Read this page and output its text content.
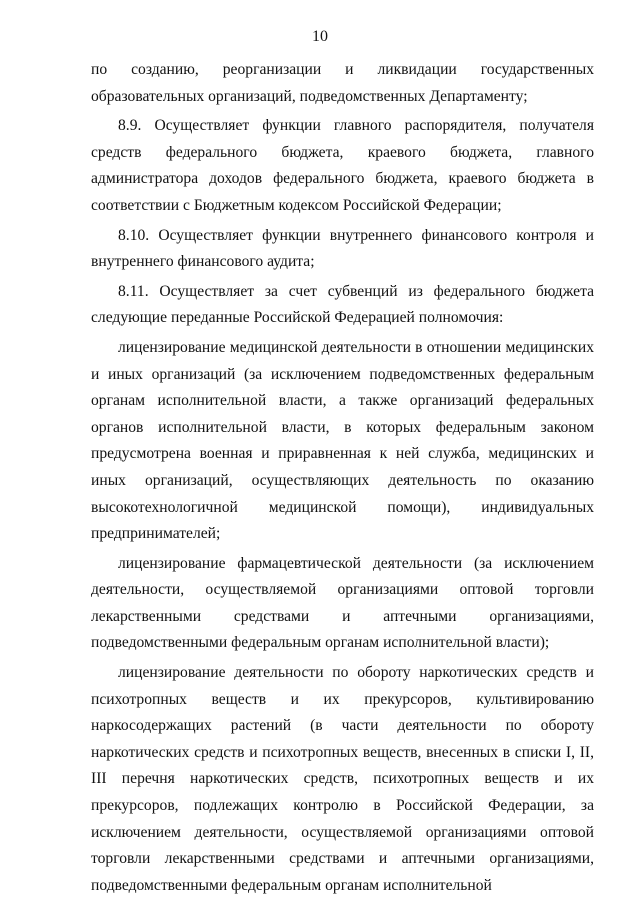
10

по созданию, реорганизации и ликвидации государственных образовательных организаций, подведомственных Департаменту;

8.9. Осуществляет функции главного распорядителя, получателя средств федерального бюджета, краевого бюджета, главного администратора доходов федерального бюджета, краевого бюджета в соответствии с Бюджетным кодексом Российской Федерации;

8.10. Осуществляет функции внутреннего финансового контроля и внутреннего финансового аудита;

8.11. Осуществляет за счет субвенций из федерального бюджета следующие переданные Российской Федерацией полномочия:

лицензирование медицинской деятельности в отношении медицинских и иных организаций (за исключением подведомственных федеральным органам исполнительной власти, а также организаций федеральных органов исполнительной власти, в которых федеральным законом предусмотрена военная и приравненная к ней служба, медицинских и иных организаций, осуществляющих деятельность по оказанию высокотехнологичной медицинской помощи), индивидуальных предпринимателей;

лицензирование фармацевтической деятельности (за исключением деятельности, осуществляемой организациями оптовой торговли лекарственными средствами и аптечными организациями, подведомственными федеральным органам исполнительной власти);

лицензирование деятельности по обороту наркотических средств и психотропных веществ и их прекурсоров, культивированию наркосодержащих растений (в части деятельности по обороту наркотических средств и психотропных веществ, внесенных в списки I, II, III перечня наркотических средств, психотропных веществ и их прекурсоров, подлежащих контролю в Российской Федерации, за исключением деятельности, осуществляемой организациями оптовой торговли лекарственными средствами и аптечными организациями, подведомственными федеральным органам исполнительной
